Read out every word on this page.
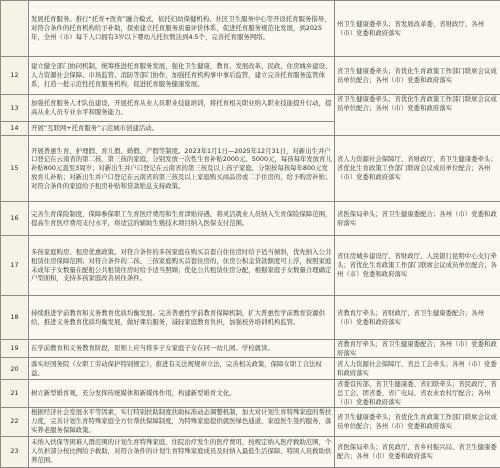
	发展托育服务。推行“托育+医育”融合模式，依托妇幼保健机构、社区卫生服务中心等开设托育服务指导，对符合条件的托育机构给予补助，探索建立托育服务质量评价体系，促进托育服务规范化发展，到2025年，全州（市）每千人口拥有3岁以下婴幼儿托位数达到4.5个，完善托育服务网络。	州卫生健康委牵头；省发展改革委、省财政厅、各州（市）党委和政府落实
12	建立健全部门协同机制，统筹推进托育服务发展，强化卫生健康、教育、发展改革、民政、住房城乡建设、人力资源社会保障、市场监管、消防等部门协作，加强托育机构事中事后监管，建立完善托育服务监管体系，打造一批示范性托育服务机构，促进托育服务健康发展。	省卫生健康委牵头；省优化生育政策工作部门联席会议成员单位配合；各州（市）党委和政府落实
13	加强托育服务人才队伍建设，开展托育从业人员职业技能培训，将托育相关职业纳入职业技能提升行动，提高从业人员专业水平和服务能力。	省卫生健康委牵头；省优化生育政策工作部门联席会议成员单位配合；各州（市）党委和政府落实
14	开展“互联网+托育服务”示范城市创建活动。	
15	开展普惠生育、护理假、育儿假、婚假、产假等制度。2023年1月1日—2025年12月31日，对新出生并户口登记在云南省的第二孩、第三孩的家庭，分别发放一次性生育补贴2000元、5000元，每孩每年发放育儿补贴800元直至3周岁；对新出生并户口登记在云南省的第三孩及以上孩子家庭，分别按每孩每年800元发放育儿补贴；对新出生并户口登记在云南省的第三孩及以上家庭购买商品房或二手住房的，给予购房补贴；对符合条件的家庭给予租房补贴和贷款贴息支持政策。	省人力资源社会保障厅、省财政厅、省卫生健康委牵头；省优化生育政策工作部门联席会议成员单位配合；各州（市）党委和政府落实
16	完善生育保险制度，保障参保职工生育医疗费用和生育津贴待遇，将灵活就业人员纳入生育保险保障范围，提高生育医疗费用支付水平，将适宜的辅助生殖技术项目纳入医保支付范围。	省医保局牵头；省卫生健康委配合；各州（市）党委和政府落实
17	多孩家庭购房、租房优惠政策。对符合条件的多孩家庭在购买首套自住住房时给予适当倾斜，优先纳入公共租赁住房保障范围；对符合条件的二孩、三孩家庭购买首套住房的，住房公积金贷款额度可上浮，按照家庭未成年子女数量在配租公共租赁住房时给予适当照顾；优化公共租赁住房分配，根据家庭子女数量合理确定户型面积，支持多孩家庭改善居住条件。	省住房城乡建设厅、省财政厅、人民银行昆明中心支行牵头；省优化生育政策工作部门联席会议成员单位配合；各州（市）党委和政府落实
18	持续推进学前教育和义务教育优质均衡发展。完善普惠性学前教育保障机制，扩大普惠性学前教育资源供给，推进义务教育优质均衡发展，做好课后服务，减轻家庭教育负担，加强校外培训机构监管。	省教育厅牵头；省财政厅、省卫生健康委配合；各州（市）党委和政府落实
19	在学前教育和义务教育阶段，原则上应当将多子女家庭子女在同一幼儿园、学校就读。	省教育厅牵头；省卫生健康委配合；各州（市）党委和政府落实
20	落实好国务院《女职工劳动保护特别规定》，推进有关法规规章立法，完善相关政策，保障女职工合法权益。	省人力资源社会保障厅、省总工会牵头；各州（市）党委和政府落实
21	树立新型婚育观，充分发挥传统媒体和新媒体作用，构建新型婚育文化。	省委宣传部、省卫生健康委、省妇联牵头；省民政厅、省总工会、团省委、省广电局、省农业农村厅配合；各州（市）党委和政府落实
22	根据经济社会发展水平等因素，实行特别扶助制度扶助标准动态调整机制，加大对计划生育特殊家庭的帮扶力度，完善计划生育特殊家庭全方位帮扶保障制度，为特殊家庭提供就医绿色通道、家庭医生签约服务，落实养老服务保障政策。	省卫生健康委牵头；省优化生育政策工作部门联席会议成员单位配合；各州（市）党委和政府落实
23	未纳入扶保等困难人群范围的计划生育特殊家庭，住院治疗发生的医疗费用，按规定纳入医疗救助范围，个人负担部分按比例给予救助，对符合条件的计划生育特殊家庭成员及时纳入最低生活保障、特困人员救助供养范围。	省医保局牵头；省民政厅、省乡村振兴局、省卫生健康委配合；各州（市）党委和政府落实
